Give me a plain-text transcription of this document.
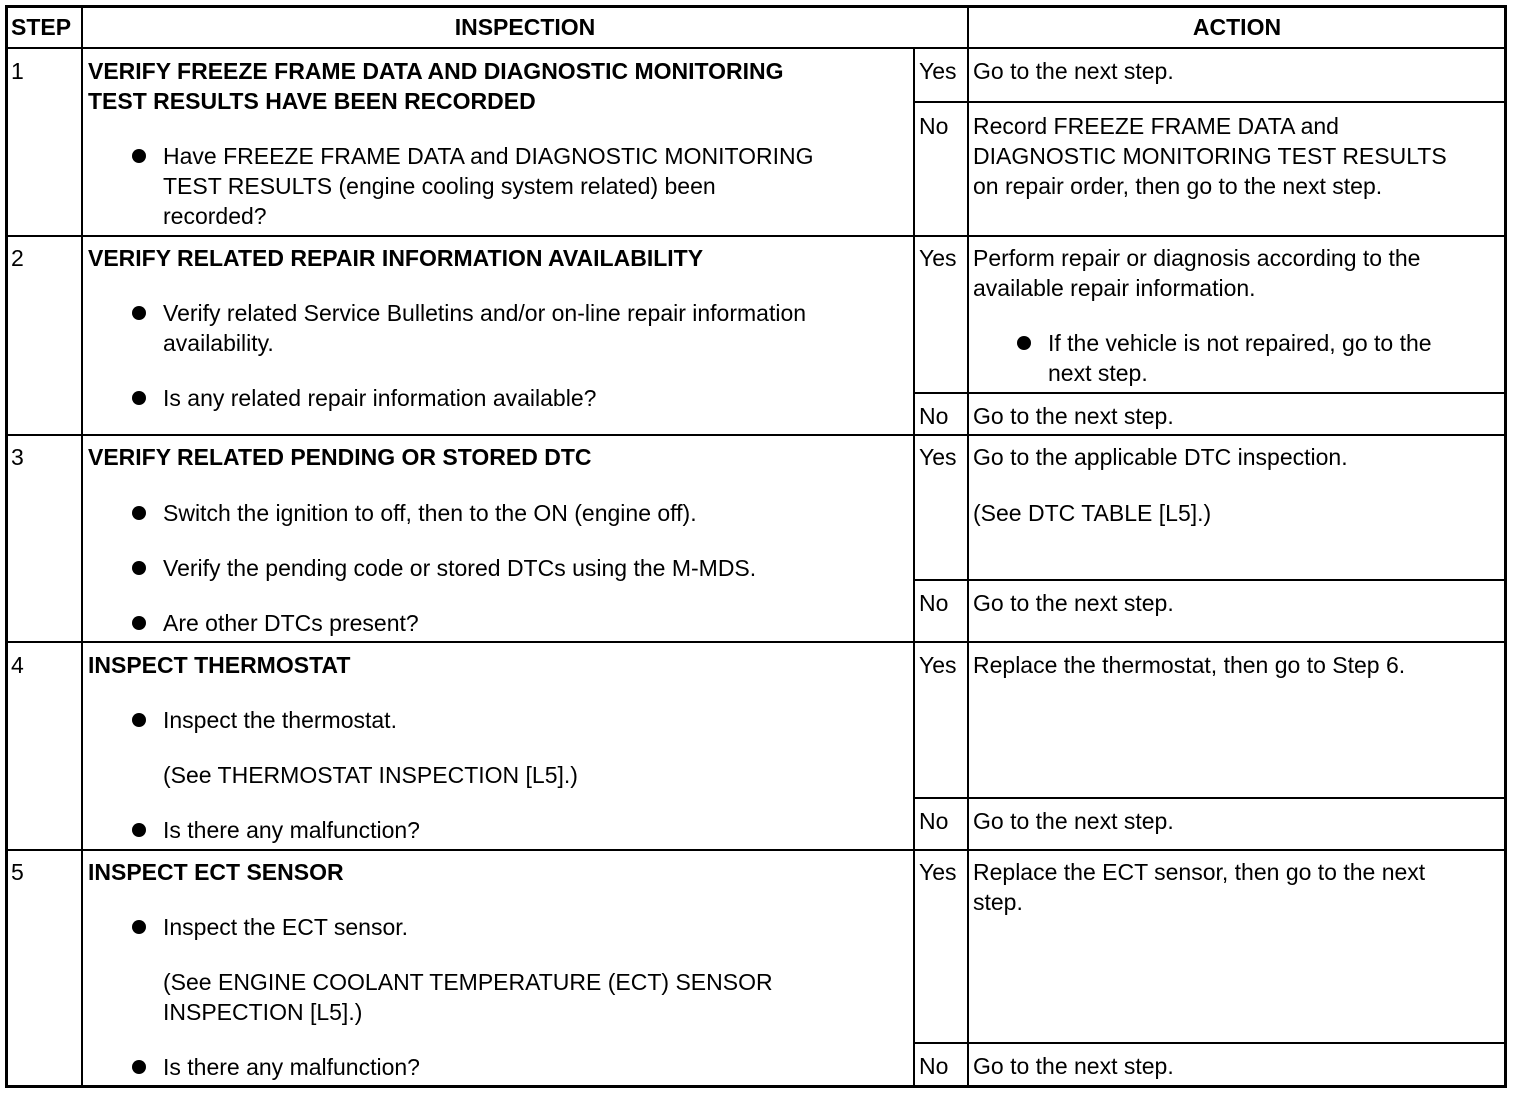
STEP	INSPECTION	ACTION
1	VERIFY FREEZE FRAME DATA AND DIAGNOSTIC MONITORING
TEST RESULTS HAVE BEEN RECORDED
Have FREEZE FRAME DATA and DIAGNOSTIC MONITORING
TEST RESULTS (engine cooling system related) been
recorded?
Yes Go to the next step.
No Record FREEZE FRAME DATA and
DIAGNOSTIC MONITORING TEST RESULTS
on repair order, then go to the next step.
2	VERIFY RELATED REPAIR INFORMATION AVAILABILITY
Verify related Service Bulletins and/or on-line repair information
availability.
Is any related repair information available?
Yes Perform repair or diagnosis according to the
available repair information.
If the vehicle is not repaired, go to the
next step.
No Go to the next step.
3	VERIFY RELATED PENDING OR STORED DTC
Switch the ignition to off, then to the ON (engine off).
Verify the pending code or stored DTCs using the M-MDS.
Are other DTCs present?
Yes Go to the applicable DTC inspection.
(See DTC TABLE [L5].)
No Go to the next step.
4	INSPECT THERMOSTAT
Inspect the thermostat.
(See THERMOSTAT INSPECTION [L5].)
Is there any malfunction?
Yes Replace the thermostat, then go to Step 6.
No Go to the next step.
5	INSPECT ECT SENSOR
Inspect the ECT sensor.
(See ENGINE COOLANT TEMPERATURE (ECT) SENSOR
INSPECTION [L5].)
Is there any malfunction?
Yes Replace the ECT sensor, then go to the next
step.
No Go to the next step.
